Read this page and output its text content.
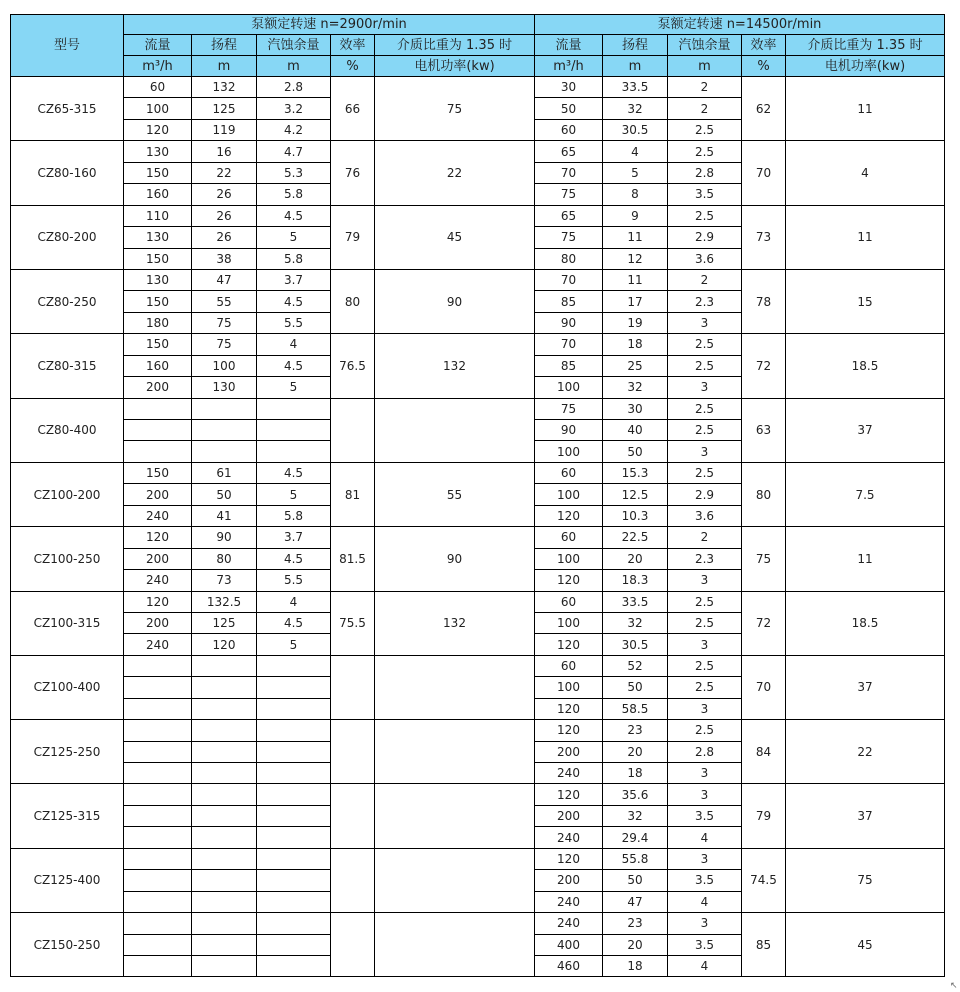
型号	泵额定转速 n=2900r/min					泵额定转速 n=14500r/min				
	流量	扬程	汽蚀余量	效率	介质比重为 1.35 时	流量	扬程	汽蚀余量	效率	介质比重为 1.35 时
	m³/h	m	m	%	电机功率(kw)	m³/h	m	m	%	电机功率(kw)
CZ65-315	60	132	2.8	66	75	30	33.5	2	62	11
	100	125	3.2			50	32	2		
	120	119	4.2			60	30.5	2.5		
CZ80-160	130	16	4.7	76	22	65	4	2.5	70	4
	150	22	5.3			70	5	2.8		
	160	26	5.8			75	8	3.5		
CZ80-200	110	26	4.5	79	45	65	9	2.5	73	11
	130	26	5			75	11	2.9		
	150	38	5.8			80	12	3.6		
CZ80-250	130	47	3.7	80	90	70	11	2	78	15
	150	55	4.5			85	17	2.3		
	180	75	5.5			90	19	3		
CZ80-315	150	75	4	76.5	132	70	18	2.5	72	18.5
	160	100	4.5			85	25	2.5		
	200	130	5			100	32	3		
CZ80-400						75	30	2.5	63	37
						90	40	2.5		
						100	50	3		
CZ100-200	150	61	4.5	81	55	60	15.3	2.5	80	7.5
	200	50	5			100	12.5	2.9		
	240	41	5.8			120	10.3	3.6		
CZ100-250	120	90	3.7	81.5	90	60	22.5	2	75	11
	200	80	4.5			100	20	2.3		
	240	73	5.5			120	18.3	3		
CZ100-315	120	132.5	4	75.5	132	60	33.5	2.5	72	18.5
	200	125	4.5			100	32	2.5		
	240	120	5			120	30.5	3		
CZ100-400						60	52	2.5	70	37
						100	50	2.5		
						120	58.5	3		
CZ125-250						120	23	2.5	84	22
						200	20	2.8		
						240	18	3		
CZ125-315						120	35.6	3	79	37
						200	32	3.5		
						240	29.4	4		
CZ125-400						120	55.8	3	74.5	75
						200	50	3.5		
						240	47	4		
CZ150-250						240	23	3	85	45
						400	20	3.5		
						460	18	4		
↖
